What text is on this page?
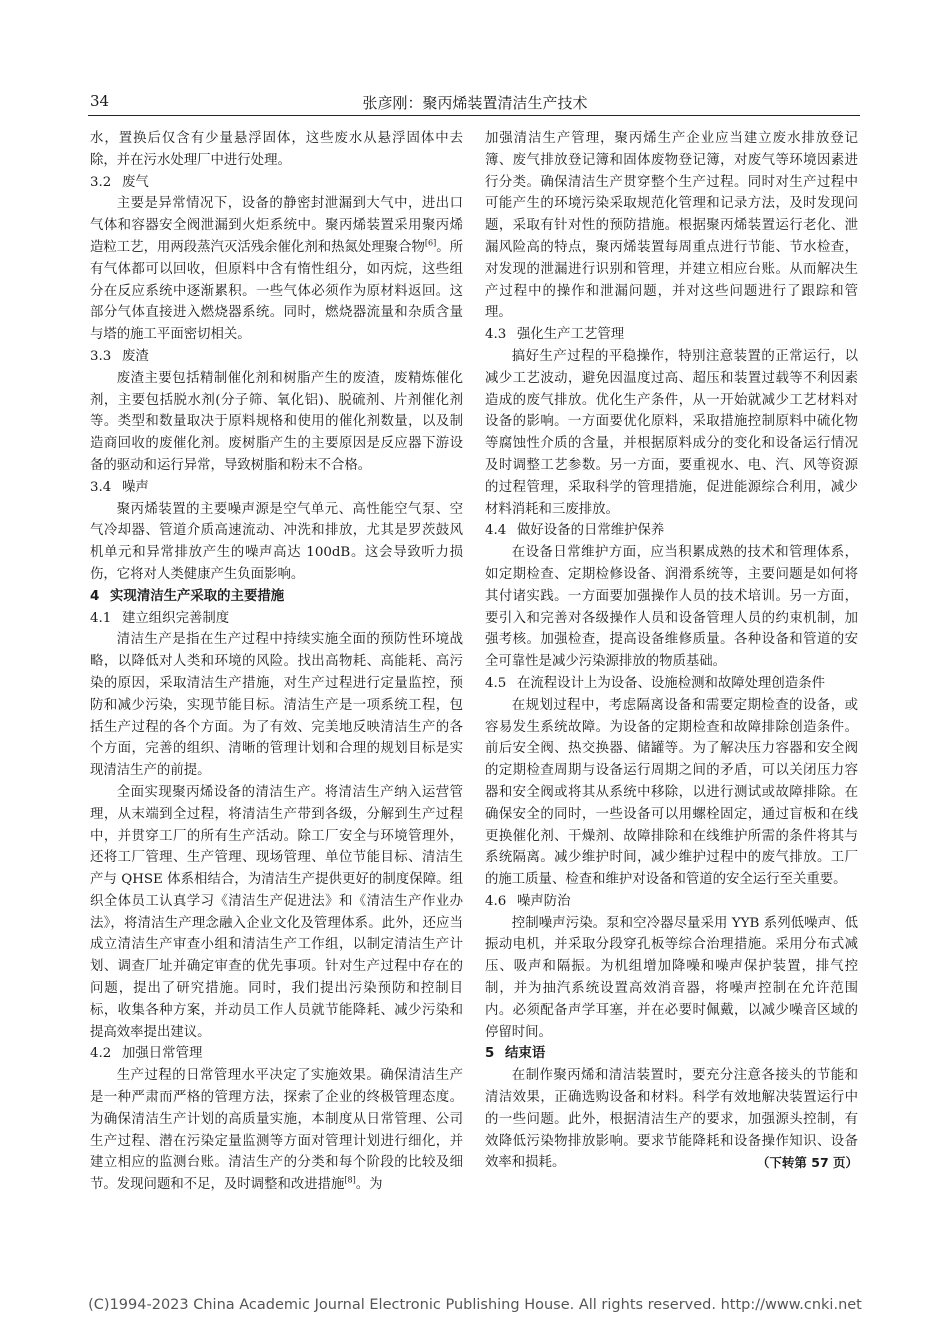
34	张彦刚：聚丙烯装置清洁生产技术

水，置换后仅含有少量悬浮固体，这些废水从悬浮固体中去除，并在污水处理厂中进行处理。

3.2 废气

主要是异常情况下，设备的静密封泄漏到大气中，进出口气体和容器安全阀泄漏到火炬系统中。聚丙烯装置采用聚丙烯造粒工艺，用两段蒸汽灭活残余催化剂和热氮处理聚合物[6]。所有气体都可以回收，但原料中含有惰性组分，如丙烷，这些组分在反应系统中逐渐累积。一些气体必须作为原材料返回。这部分气体直接进入燃烧器系统。同时，燃烧器流量和杂质含量与塔的施工平面密切相关。

3.3 废渣

废渣主要包括精制催化剂和树脂产生的废渣，废精炼催化剂，主要包括脱水剂(分子筛、氧化铝)、脱硫剂、片剂催化剂等。类型和数量取决于原料规格和使用的催化剂数量，以及制造商回收的废催化剂。废树脂产生的主要原因是反应器下游设备的驱动和运行异常，导致树脂和粉末不合格。

3.4 噪声

聚丙烯装置的主要噪声源是空气单元、高性能空气泵、空气冷却器、管道介质高速流动、冲洗和排放，尤其是罗茨鼓风机单元和异常排放产生的噪声高达 100dB。这会导致听力损伤，它将对人类健康产生负面影响。

4 实现清洁生产采取的主要措施
4.1 建立组织完善制度

清洁生产是指在生产过程中持续实施全面的预防性环境战略，以降低对人类和环境的风险。找出高物耗、高能耗、高污染的原因，采取清洁生产措施，对生产过程进行定量监控，预防和减少污染，实现节能目标。清洁生产是一项系统工程，包括生产过程的各个方面。为了有效、完美地反映清洁生产的各个方面，完善的组织、清晰的管理计划和合理的规划目标是实现清洁生产的前提。

全面实现聚丙烯设备的清洁生产。将清洁生产纳入运营管理，从末端到全过程，将清洁生产带到各级，分解到生产过程中，并贯穿工厂的所有生产活动。除工厂安全与环境管理外，还将工厂管理、生产管理、现场管理、单位节能目标、清洁生产与 QHSE 体系相结合，为清洁生产提供更好的制度保障。组织全体员工认真学习《清洁生产促进法》和《清洁生产作业办法》，将清洁生产理念融入企业文化及管理体系。此外，还应当成立清洁生产审查小组和清洁生产工作组，以制定清洁生产计划、调查厂址并确定审查的优先事项。针对生产过程中存在的问题，提出了研究措施。同时，我们提出污染预防和控制目标，收集各种方案，并动员工作人员就节能降耗、减少污染和提高效率提出建议。

4.2 加强日常管理

生产过程的日常管理水平决定了实施效果。确保清洁生产是一种严肃而严格的管理方法，探索了企业的终极管理态度。为确保清洁生产计划的高质量实施，本制度从日常管理、公司生产过程、潜在污染定量监测等方面对管理计划进行细化，并建立相应的监测台账。清洁生产的分类和每个阶段的比较及细节。发现问题和不足，及时调整和改进措施[8]。为

加强清洁生产管理，聚丙烯生产企业应当建立废水排放登记簿、废气排放登记簿和固体废物登记簿，对废气等环境因素进行分类。确保清洁生产贯穿整个生产过程。同时对生产过程中可能产生的环境污染采取规范化管理和记录方法，及时发现问题，采取有针对性的预防措施。根据聚丙烯装置运行老化、泄漏风险高的特点，聚丙烯装置每周重点进行节能、节水检查，对发现的泄漏进行识别和管理，并建立相应台账。从而解决生产过程中的操作和泄漏问题，并对这些问题进行了跟踪和管理。

4.3 强化生产工艺管理

搞好生产过程的平稳操作，特别注意装置的正常运行，以减少工艺波动，避免因温度过高、超压和装置过载等不利因素造成的废气排放。优化生产条件，从一开始就减少工艺材料对设备的影响。一方面要优化原料，采取措施控制原料中硫化物等腐蚀性介质的含量，并根据原料成分的变化和设备运行情况及时调整工艺参数。另一方面，要重视水、电、汽、风等资源的过程管理，采取科学的管理措施，促进能源综合利用，减少材料消耗和三废排放。

4.4 做好设备的日常维护保养

在设备日常维护方面，应当积累成熟的技术和管理体系，如定期检查、定期检修设备、润滑系统等，主要问题是如何将其付诸实践。一方面要加强操作人员的技术培训。另一方面，要引入和完善对各级操作人员和设备管理人员的约束机制，加强考核。加强检查，提高设备维修质量。各种设备和管道的安全可靠性是减少污染源排放的物质基础。

4.5 在流程设计上为设备、设施检测和故障处理创造条件

在规划过程中，考虑隔离设备和需要定期检查的设备，或容易发生系统故障。为设备的定期检查和故障排除创造条件。前后安全阀、热交换器、储罐等。为了解决压力容器和安全阀的定期检查周期与设备运行周期之间的矛盾，可以关闭压力容器和安全阀或将其从系统中移除，以进行测试或故障排除。在确保安全的同时，一些设备可以用螺栓固定，通过盲板和在线更换催化剂、干燥剂、故障排除和在线维护所需的条件将其与系统隔离。减少维护时间，减少维护过程中的废气排放。工厂的施工质量、检查和维护对设备和管道的安全运行至关重要。

4.6 噪声防治

控制噪声污染。泵和空冷器尽量采用 YYB 系列低噪声、低振动电机，并采取分段穿孔板等综合治理措施。采用分布式减压、吸声和隔振。为机组增加降噪和噪声保护装置，排气控制，并为抽汽系统设置高效消音器，将噪声控制在允许范围内。必须配备声学耳塞，并在必要时佩戴，以减少噪音区域的停留时间。

5 结束语

在制作聚丙烯和清洁装置时，要充分注意各接头的节能和清洁效果，正确选购设备和材料。科学有效地解决装置运行中的一些问题。此外，根据清洁生产的要求，加强源头控制，有效降低污染物排放影响。要求节能降耗和设备操作知识、设备效率和损耗。	（下转第 57 页）

(C)1994-2023 China Academic Journal Electronic Publishing House. All rights reserved. http://www.cnki.net
